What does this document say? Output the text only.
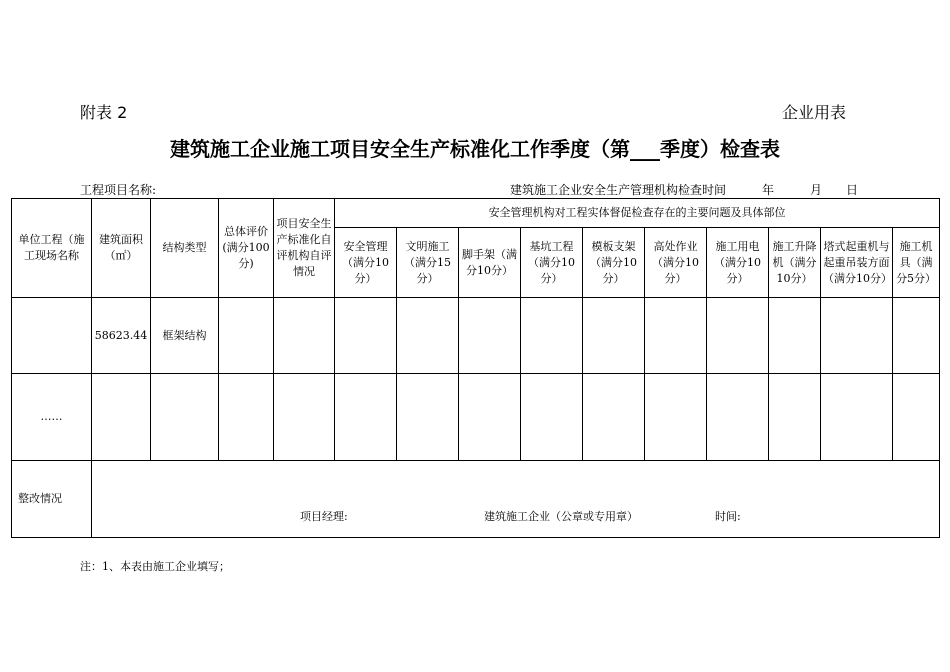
附表 2	企业用表
建筑施工企业施工项目安全生产标准化工作季度（第___季度）检查表
工程项目名称:	建筑施工企业安全生产管理机构检查时间　　　年　　　月　　日
单位工程（施工现场名称	建筑面积（㎡）	结构类型	总体评价(满分100分)	项目安全生产标准化自评机构自评情况	安全管理机构对工程实体督促检查存在的主要问题及具体部位									
					安全管理（满分10分）	文明施工（满分15分）	脚手架（满分10分）	基坑工程（满分10分）	模板支架（满分10分）	高处作业（满分10分）	施工用电（满分10分）	施工升降机（满分10分）	塔式起重机与起重吊装方面（满分10分）	施工机具（满分5分）
	58623.44	框架结构												
……														
整改情况	项目经理: 建筑施工企业（公章或专用章） 时间:													
注：1、本表由施工企业填写；
